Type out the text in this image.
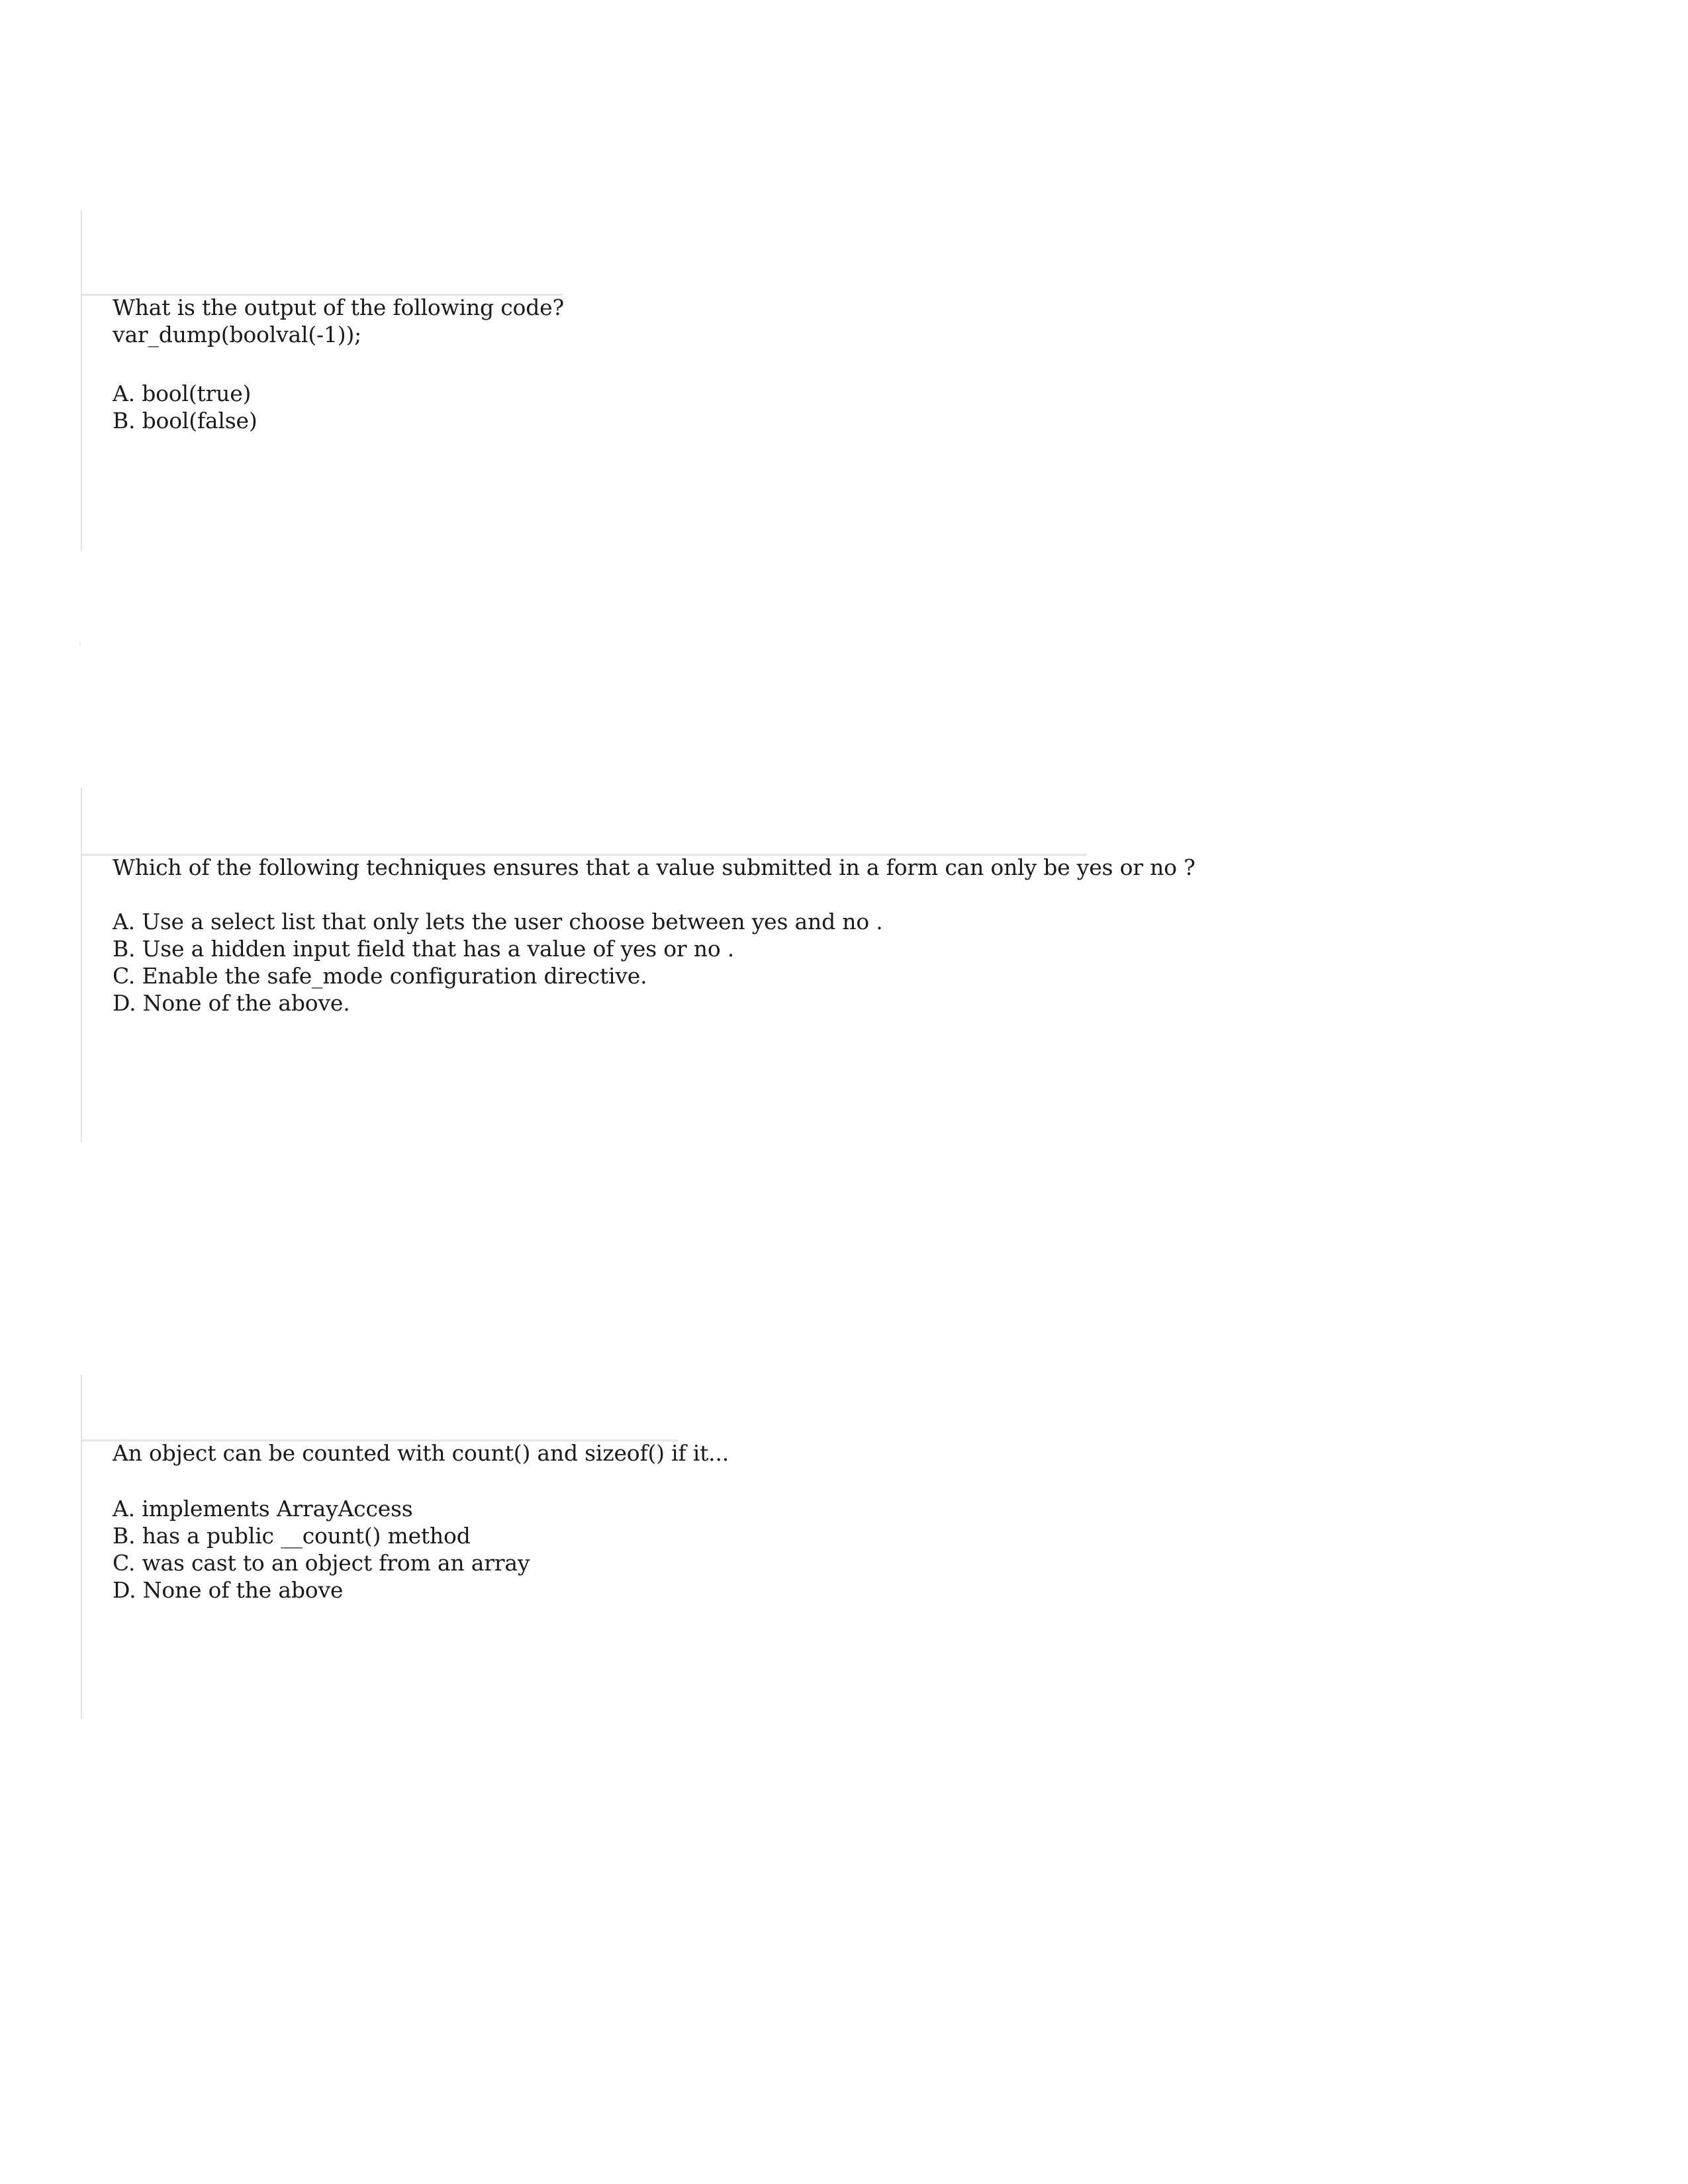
What is the output of the following code?
var_dump(boolval(-1));
A. bool(true)
B. bool(false)
Which of the following techniques ensures that a value submitted in a form can only be yes or no ?
A. Use a select list that only lets the user choose between yes and no .
B. Use a hidden input field that has a value of yes or no .
C. Enable the safe_mode configuration directive.
D. None of the above.
An object can be counted with count() and sizeof() if it...
A. implements ArrayAccess
B. has a public __count() method
C. was cast to an object from an array
D. None of the above
